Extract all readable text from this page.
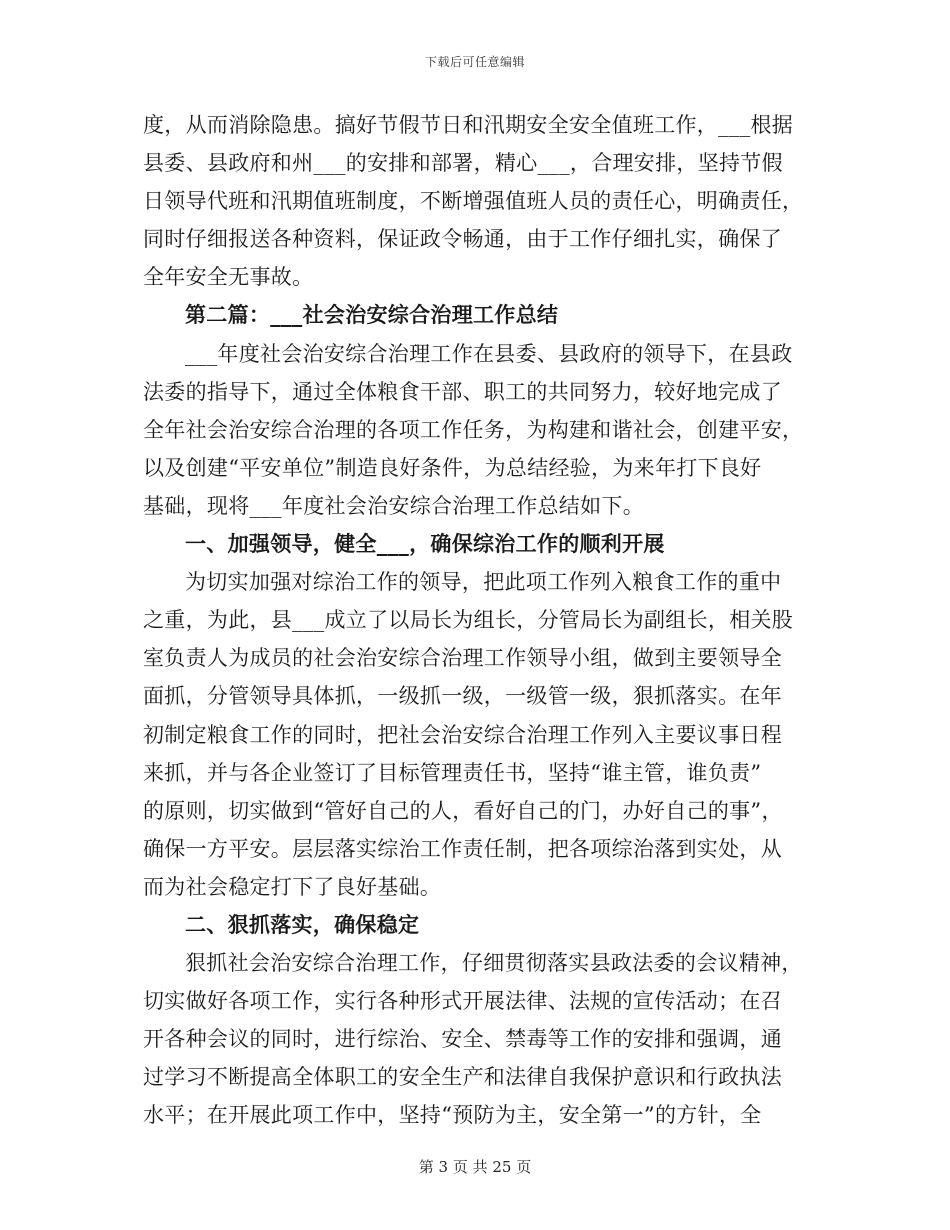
下载后可任意编辑
度，从而消除隐患。搞好节假节日和汛期安全安全值班工作，___根据
县委、县政府和州___的安排和部署，精心___，合理安排，坚持节假
日领导代班和汛期值班制度，不断增强值班人员的责任心，明确责任，
同时仔细报送各种资料，保证政令畅通，由于工作仔细扎实，确保了
全年安全无事故。
第二篇：___社会治安综合治理工作总结
___年度社会治安综合治理工作在县委、县政府的领导下，在县政
法委的指导下，通过全体粮食干部、职工的共同努力，较好地完成了
全年社会治安综合治理的各项工作任务，为构建和谐社会，创建平安，
以及创建“平安单位”制造良好条件，为总结经验，为来年打下良好
基础，现将___年度社会治安综合治理工作总结如下。
一、加强领导，健全___，确保综治工作的顺利开展
为切实加强对综治工作的领导，把此项工作列入粮食工作的重中
之重，为此，县___成立了以局长为组长，分管局长为副组长，相关股
室负责人为成员的社会治安综合治理工作领导小组，做到主要领导全
面抓，分管领导具体抓，一级抓一级，一级管一级，狠抓落实。在年
初制定粮食工作的同时，把社会治安综合治理工作列入主要议事日程
来抓，并与各企业签订了目标管理责任书，坚持“谁主管，谁负责”
的原则，切实做到“管好自己的人，看好自己的门，办好自己的事”，
确保一方平安。层层落实综治工作责任制，把各项综治落到实处，从
而为社会稳定打下了良好基础。
二、狠抓落实，确保稳定
狠抓社会治安综合治理工作，仔细贯彻落实县政法委的会议精神，
切实做好各项工作，实行各种形式开展法律、法规的宣传活动；在召
开各种会议的同时，进行综治、安全、禁毒等工作的安排和强调，通
过学习不断提高全体职工的安全生产和法律自我保护意识和行政执法
水平；在开展此项工作中，坚持“预防为主，安全第一”的方针，全
第 3 页 共 25 页
